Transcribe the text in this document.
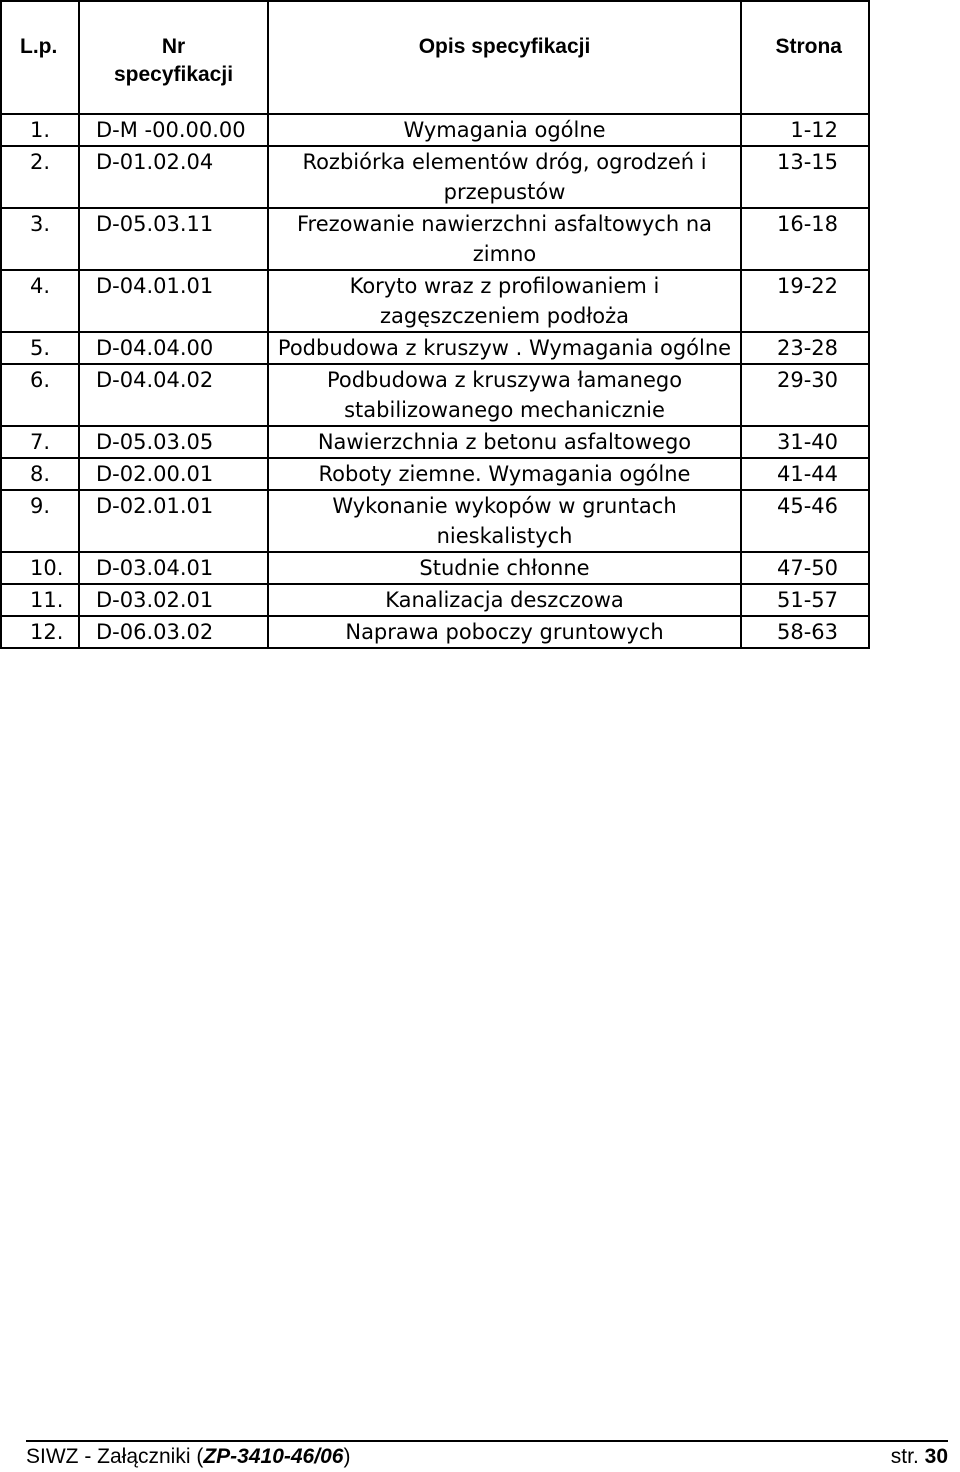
L.p.	Nr specyfikacji	Opis specyfikacji	Strona
1.	D-M -00.00.00	Wymagania ogólne	1-12
2.	D-01.02.04	Rozbiórka elementów dróg, ogrodzeń i przepustów	13-15
3.	D-05.03.11	Frezowanie nawierzchni asfaltowych na zimno	16-18
4.	D-04.01.01	Koryto wraz z profilowaniem i zagęszczeniem podłoża	19-22
5.	D-04.04.00	Podbudowa z kruszyw . Wymagania ogólne	23-28
6.	D-04.04.02	Podbudowa z kruszywa łamanego stabilizowanego mechanicznie	29-30
7.	D-05.03.05	Nawierzchnia z betonu asfaltowego	31-40
8.	D-02.00.01	Roboty ziemne. Wymagania ogólne	41-44
9.	D-02.01.01	Wykonanie wykopów w gruntach nieskalistych	45-46
10.	D-03.04.01	Studnie chłonne	47-50
11.	D-03.02.01	Kanalizacja deszczowa	51-57
12.	D-06.03.02	Naprawa poboczy gruntowych	58-63
SIWZ - Załączniki (ZP-3410-46/06)	str. 30
